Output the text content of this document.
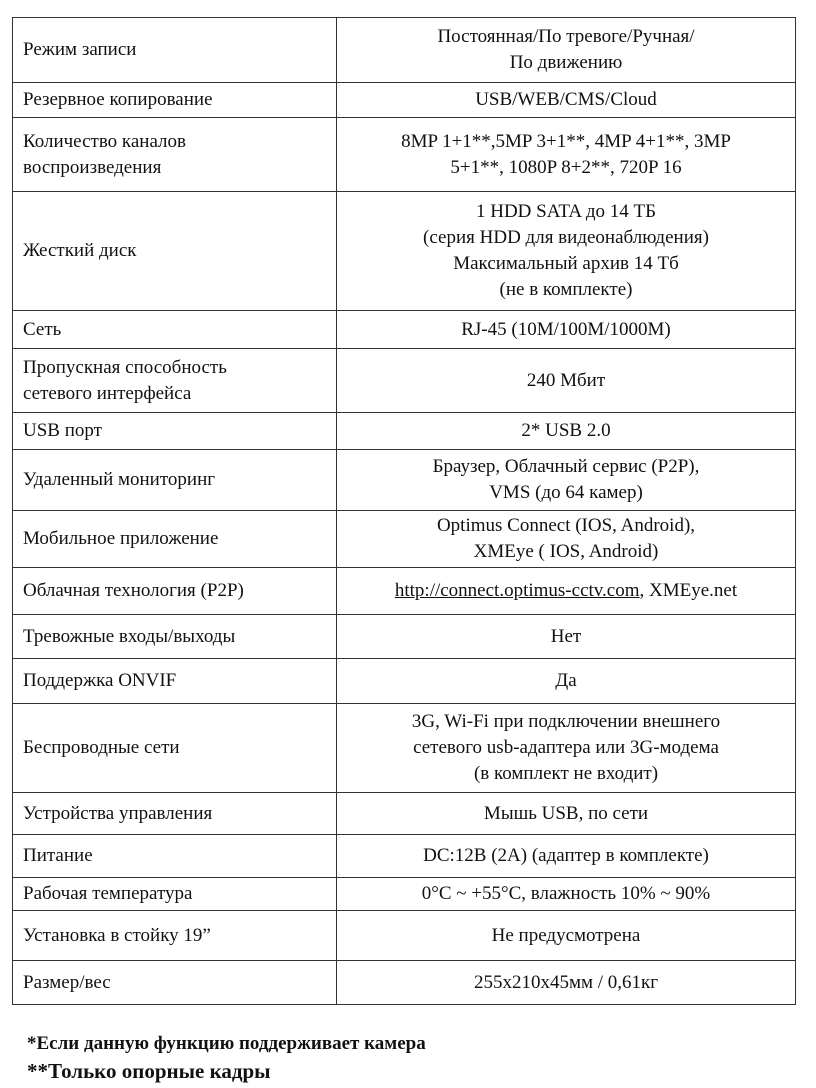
Режим записи	Постоянная/По тревоге/Ручная/
По движению

Резервное копирование	USB/WEB/CMS/Cloud

Количество каналов
воспроизведения	8MP 1+1**,5MP 3+1**, 4MP 4+1**, 3MP
5+1**, 1080P 8+2**, 720P 16

Жесткий диск	1 HDD SATA до 14 ТБ
(серия HDD для видеонаблюдения)
Максимальный архив 14 Тб
(не в комплекте)

Сеть	RJ-45 (10M/100M/1000M)

Пропускная способность
сетевого интерфейса	240 Мбит

USB порт	2* USB 2.0

Удаленный мониторинг	Браузер, Облачный сервис (P2P),
VMS (до 64 камер)

Мобильное приложение	Optimus Connect (IOS, Android),
XMEye ( IOS, Android)

Облачная технология (P2P)	http://connect.optimus-cctv.com, XMEye.net

Тревожные входы/выходы	Нет

Поддержка ONVIF	Да

Беспроводные сети	3G, Wi-Fi при подключении внешнего
сетевого usb-адаптера или 3G-модема
(в комплект не входит)

Устройства управления	Мышь USB, по сети

Питание	DC:12В (2А) (адаптер в комплекте)

Рабочая температура	0°C ~ +55°C, влажность 10% ~ 90%

Установка в стойку 19”	Не предусмотрена

Размер/вес	255x210x45мм / 0,61кг
*Если данную функцию поддерживает камера
**Только опорные кадры
